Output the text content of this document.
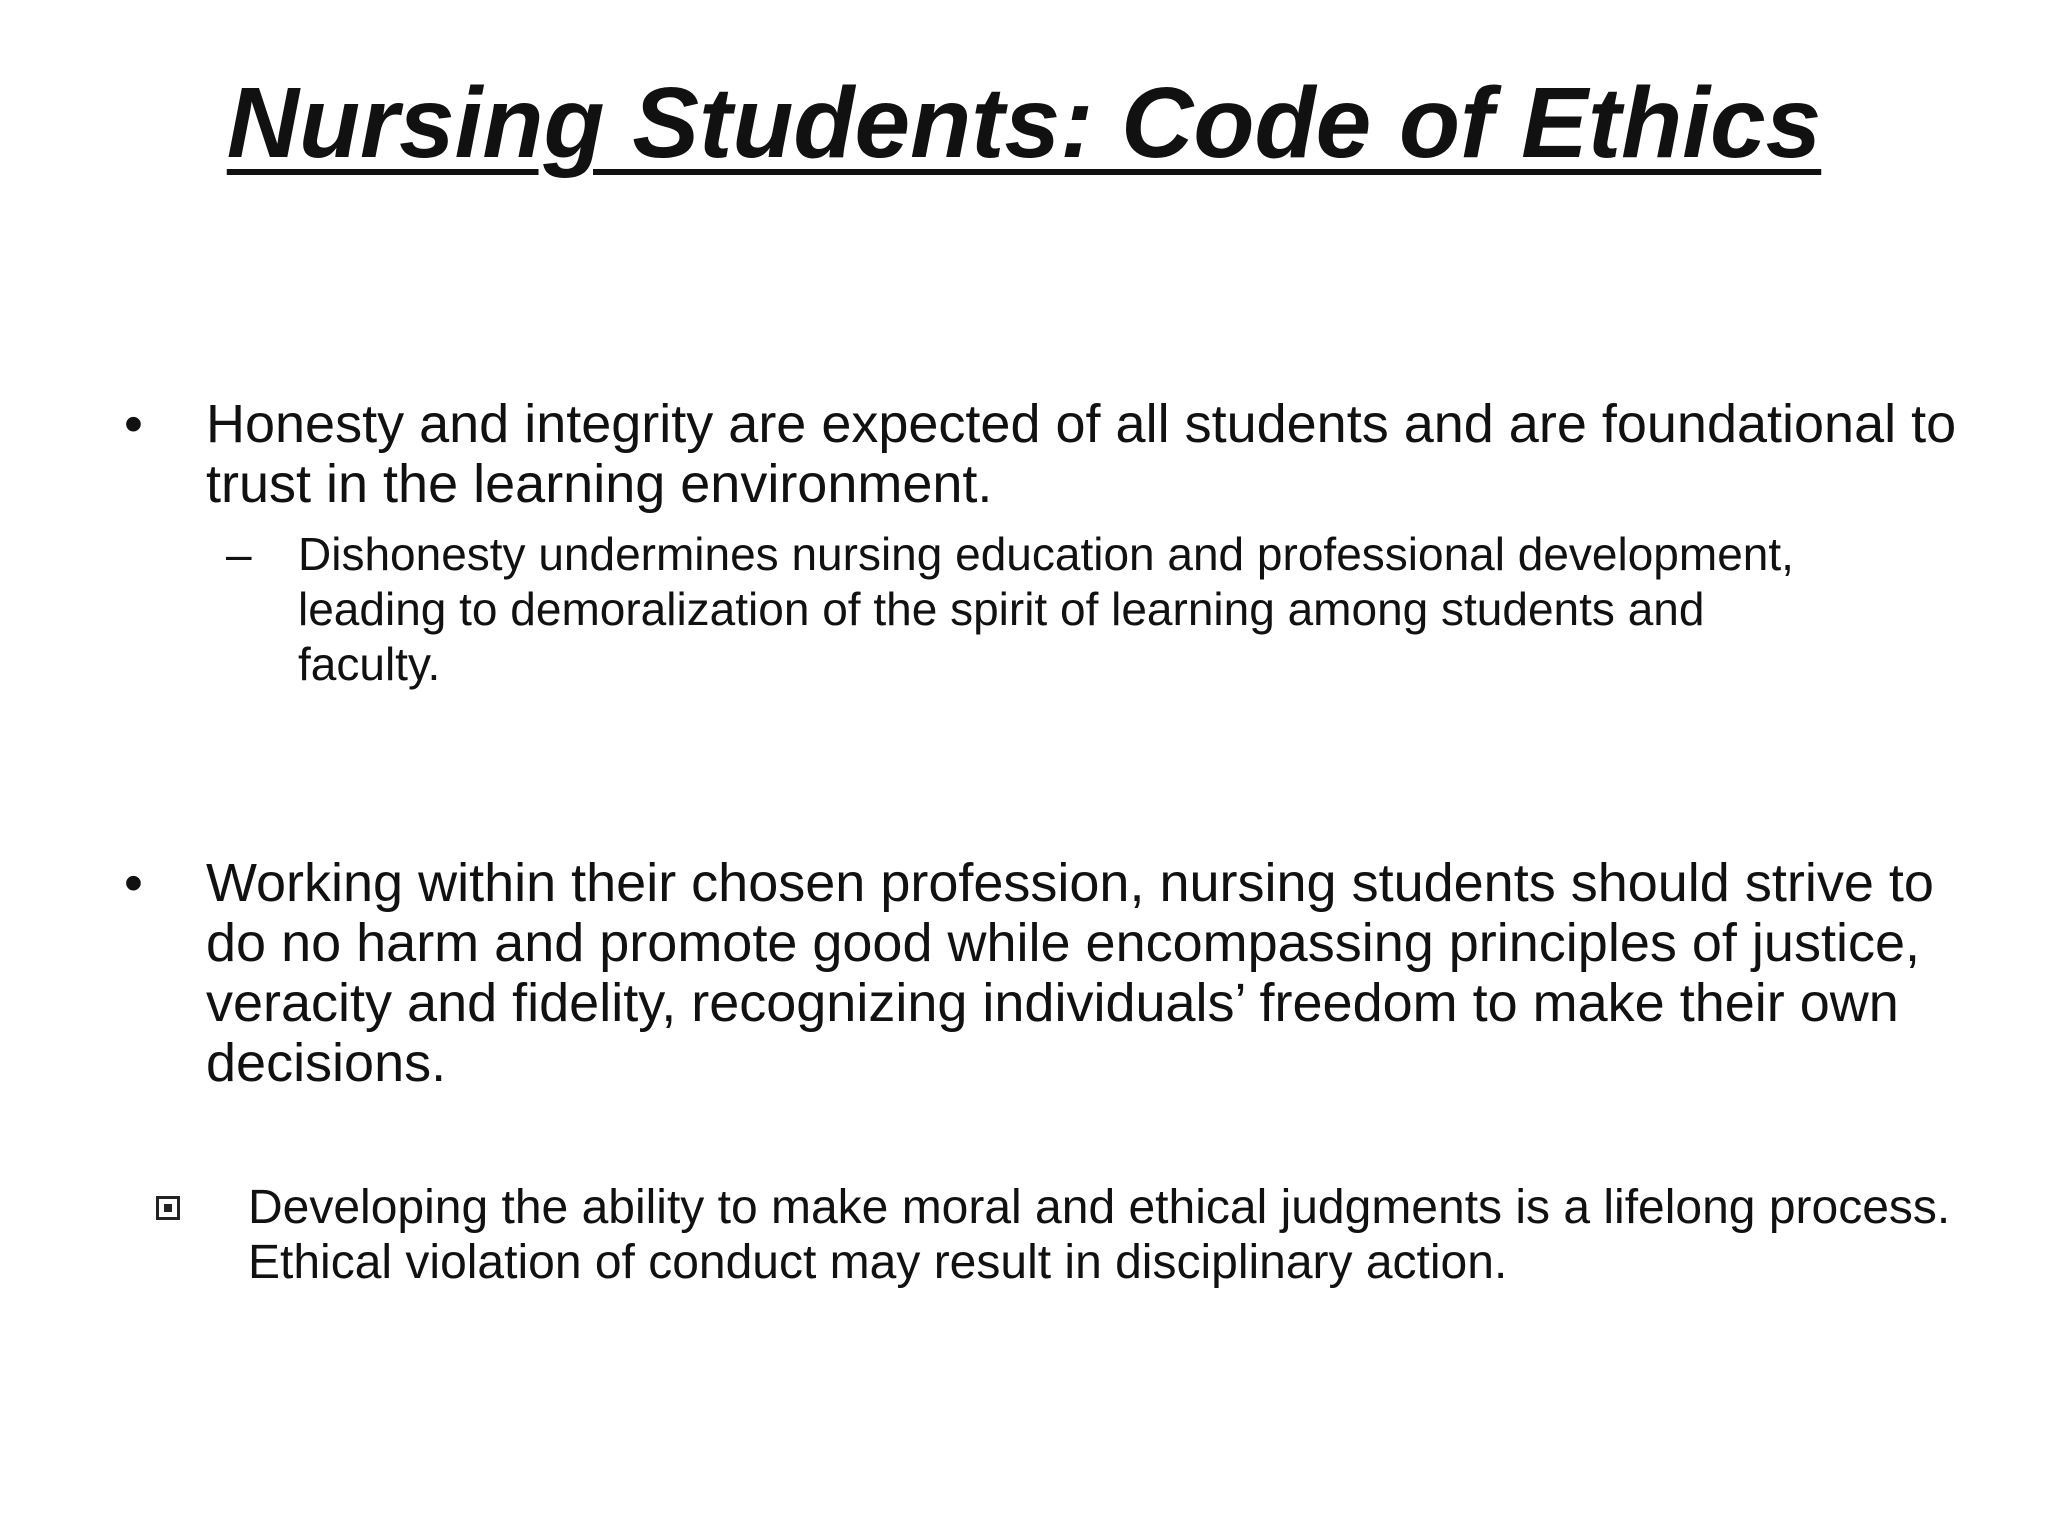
Nursing Students: Code of Ethics
•	Honesty and integrity are expected of all students and are foundational to trust in the learning environment.
–	Dishonesty undermines nursing education and professional development, leading to demoralization of the spirit of learning among students and faculty.
•	Working within their chosen profession, nursing students should strive to do no harm and promote good while encompassing principles of justice, veracity and fidelity, recognizing individuals’ freedom to make their own decisions.
Developing the ability to make moral and ethical judgments is a lifelong process. Ethical violation of conduct may result in disciplinary action.
